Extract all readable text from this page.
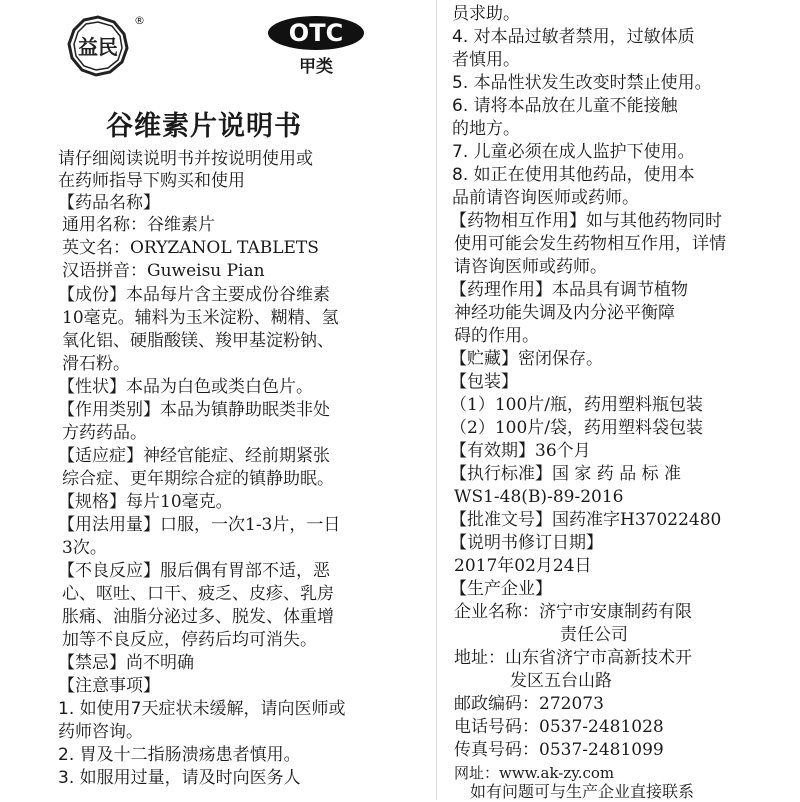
益民
®	OTC
甲类
谷维素片说明书
请仔细阅读说明书并按说明使用或
在药师指导下购买和使用
【药品名称】
通用名称：谷维素片
英文名：ORYZANOL TABLETS
汉语拼音：Guweisu Pian
【成份】本品每片含主要成份谷维素
10毫克。辅料为玉米淀粉、糊精、氢
氧化铝、硬脂酸镁、羧甲基淀粉钠、
滑石粉。
【性状】本品为白色或类白色片。
【作用类别】本品为镇静助眠类非处
方药药品。
【适应症】神经官能症、经前期紧张
综合症、更年期综合症的镇静助眠。
【规格】每片10毫克。
【用法用量】口服，一次1-3片，一日
3次。
【不良反应】服后偶有胃部不适，恶
心、呕吐、口干、疲乏、皮疹、乳房
胀痛、油脂分泌过多、脱发、体重增
加等不良反应，停药后均可消失。
【禁忌】尚不明确
【注意事项】
1. 如使用7天症状未缓解，请向医师或
药师咨询。
2. 胃及十二指肠溃疡患者慎用。
3. 如服用过量，请及时向医务人
员求助。
4. 对本品过敏者禁用，过敏体质
者慎用。
5. 本品性状发生改变时禁止使用。
6. 请将本品放在儿童不能接触
的地方。
7. 儿童必须在成人监护下使用。
8. 如正在使用其他药品，使用本
品前请咨询医师或药师。
【药物相互作用】如与其他药物同时
使用可能会发生药物相互作用，详情
请咨询医师或药师。
【药理作用】本品具有调节植物
神经功能失调及内分泌平衡障
碍的作用。
【贮藏】密闭保存。
【包装】
（1）100片/瓶，药用塑料瓶包装
（2）100片/袋，药用塑料袋包装
【有效期】36个月
【执行标准】国 家 药 品 标 准
WS1-48(B)-89-2016
【批准文号】国药准字H37022480
【说明书修订日期】
2017年02月24日
【生产企业】
企业名称：济宁市安康制药有限
责任公司
地址：山东省济宁市高新技术开
发区五台山路
邮政编码：272073
电话号码：0537-2481028
传真号码：0537-2481099
网址：www.ak-zy.com
如有问题可与生产企业直接联系
